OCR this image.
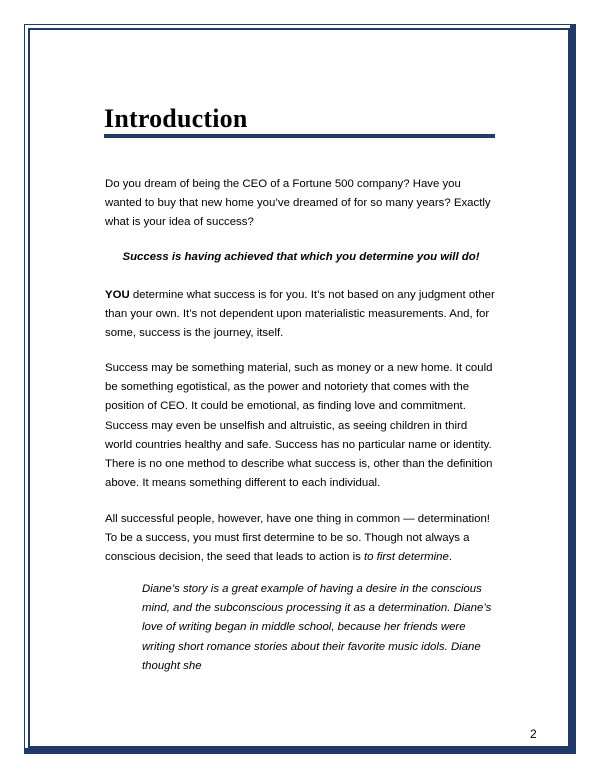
Introduction

Do you dream of being the CEO of a Fortune 500 company? Have you wanted to buy that new home you’ve dreamed of for so many years? Exactly what is your idea of success?

Success is having achieved that which you determine you will do!

YOU determine what success is for you. It’s not based on any judgment other than your own. It’s not dependent upon materialistic measurements. And, for some, success is the journey, itself.

Success may be something material, such as money or a new home. It could be something egotistical, as the power and notoriety that comes with the position of CEO. It could be emotional, as finding love and commitment. Success may even be unselfish and altruistic, as seeing children in third world countries healthy and safe. Success has no particular name or identity. There is no one method to describe what success is, other than the definition above. It means something different to each individual.

All successful people, however, have one thing in common — determination!
To be a success, you must first determine to be so. Though not always a conscious decision, the seed that leads to action is to first determine.

Diane’s story is a great example of having a desire in the conscious mind, and the subconscious processing it as a determination. Diane’s love of writing began in middle school, because her friends were writing short romance stories about their favorite music idols. Diane thought she

2
